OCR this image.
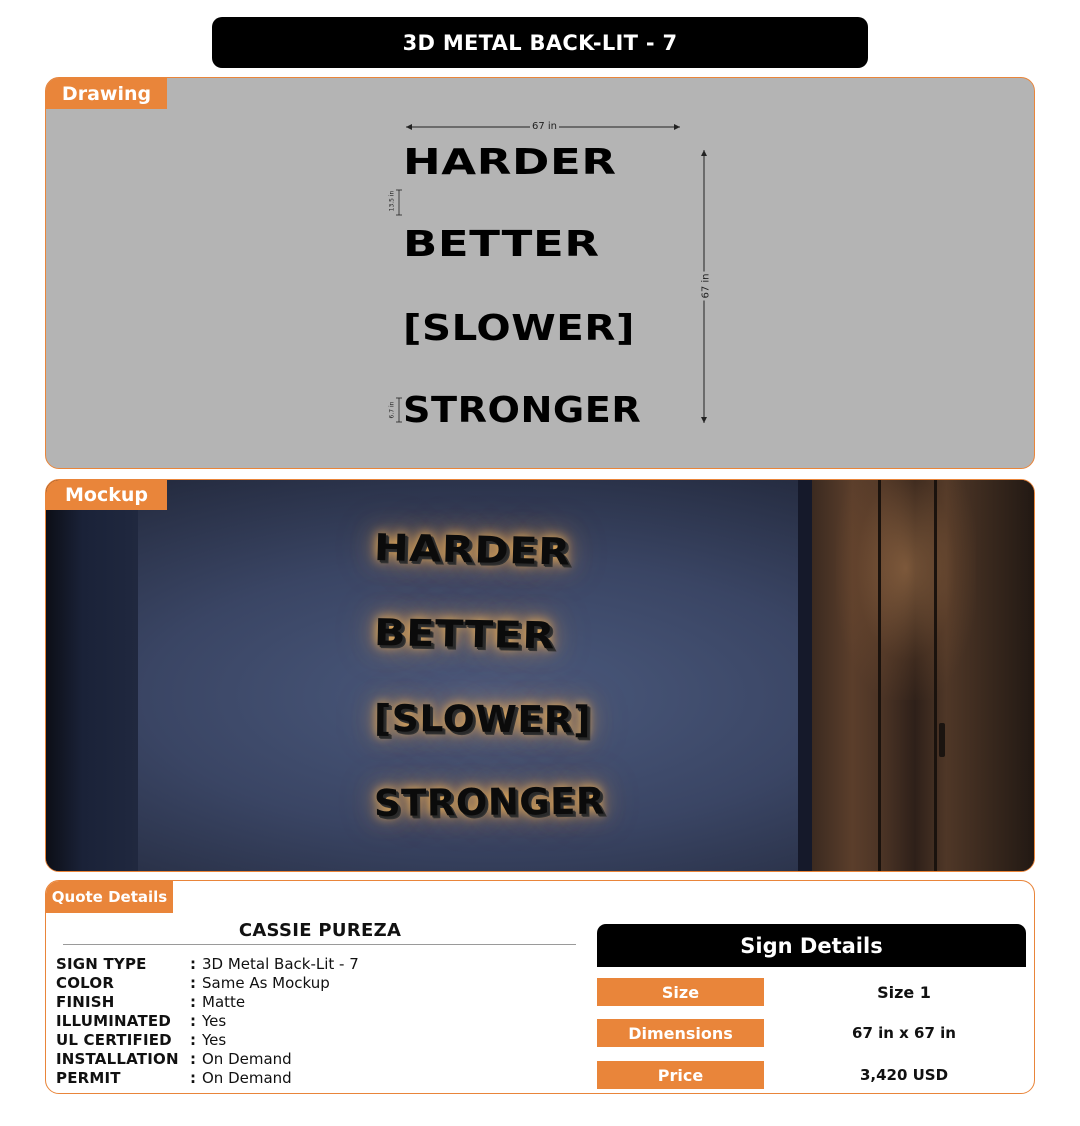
3D METAL BACK-LIT - 7
Drawing
67 in
67 in
13.5 in
6.7 in
HARDER
BETTER
[SLOWER]
STRONGER
HARDER
BETTER
[SLOWER]
STRONGER
Mockup
Quote Details
CASSIE PUREZA
SIGN TYPE	: 3D Metal Back-Lit - 7
COLOR	: Same As Mockup
FINISH	: Matte
ILLUMINATED	: Yes
UL CERTIFIED	: Yes
INSTALLATION : On Demand
PERMIT	: On Demand
Sign Details
Size	Size 1
Dimensions	67 in x 67 in
Price	3,420 USD
